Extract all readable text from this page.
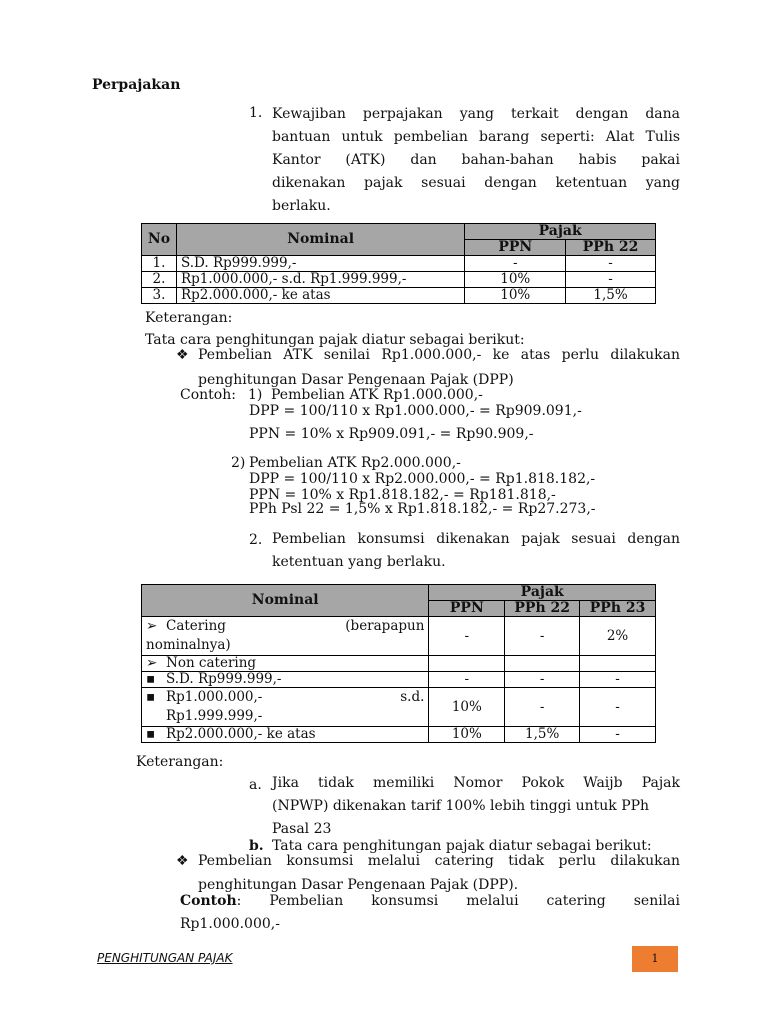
Perpajakan
1. Kewajiban perpajakan yang terkait dengan dana
bantuan untuk pembelian barang seperti: Alat Tulis
Kantor (ATK) dan bahan-bahan habis pakai
dikenakan pajak sesuai dengan ketentuan yang
berlaku.
No	Nominal	Pajak	
		PPN	PPh 22
1.	S.D. Rp999.999,-	-	-
2.	Rp1.000.000,- s.d. Rp1.999.999,-	10%	-
3.	Rp2.000.000,- ke atas	10%	1,5%
Keterangan:
Tata cara penghitungan pajak diatur sebagai berikut:
❖ Pembelian ATK senilai Rp1.000.000,- ke atas perlu dilakukan
penghitungan Dasar Pengenaan Pajak (DPP)
Contoh: 1) Pembelian ATK Rp1.000.000,-
DPP = 100/110 x Rp1.000.000,- = Rp909.091,-
PPN = 10% x Rp909.091,- = Rp90.909,-
2) Pembelian ATK Rp2.000.000,-
DPP = 100/110 x Rp2.000.000,- = Rp1.818.182,-
PPN = 10% x Rp1.818.182,- = Rp181.818,-
PPh Psl 22 = 1,5% x Rp1.818.182,- = Rp27.273,-
2. Pembelian konsumsi dikenakan pajak sesuai dengan
ketentuan yang berlaku.
Nominal	Pajak		
	PPN	PPh 22	PPh 23

➢ Catering (berapapun
nominalnya)	-	-	2%
➢ Non catering			
▪ S.D. Rp999.999,-	-	-	-

▪ Rp1.000.000,- s.d.
Rp1.999.999,-	10%	-	-
▪ Rp2.000.000,- ke atas	10%	1,5%	-
Keterangan:
a. Jika tidak memiliki Nomor Pokok Waijb Pajak
(NPWP) dikenakan tarif 100% lebih tinggi untuk PPh
Pasal 23
b. Tata cara penghitungan pajak diatur sebagai berikut:
❖ Pembelian konsumsi melalui catering tidak perlu dilakukan
penghitungan Dasar Pengenaan Pajak (DPP).
Contoh : Pembelian konsumsi melalui catering senilai
Rp1.000.000,-
PENGHITUNGAN PAJAK	1
